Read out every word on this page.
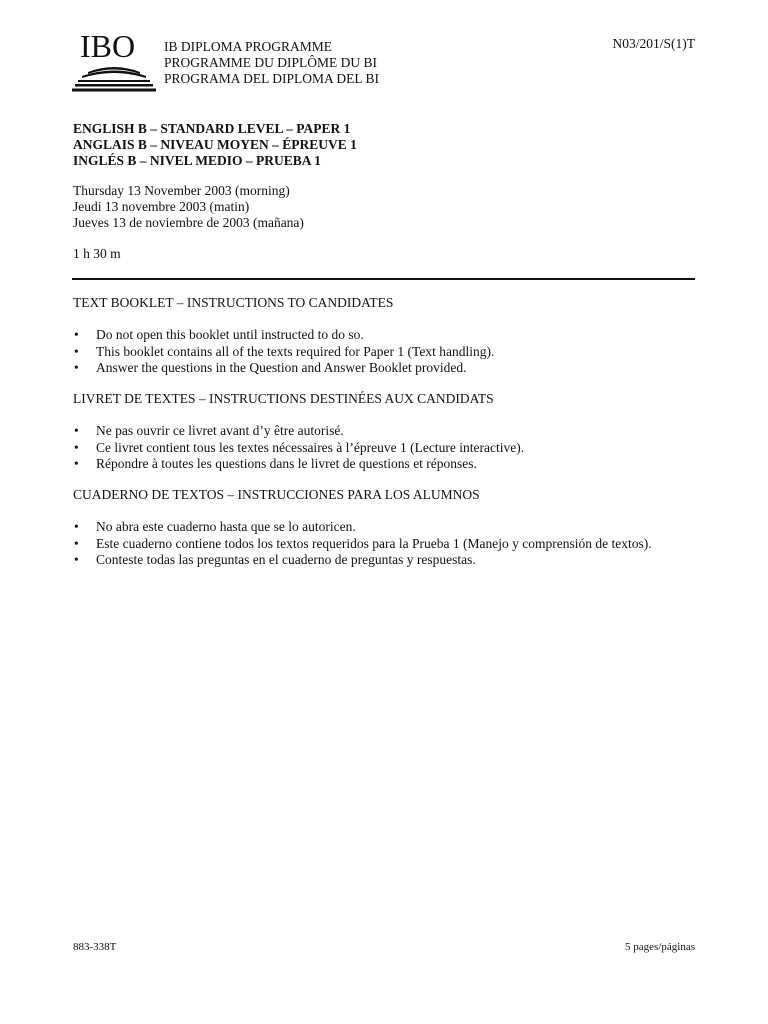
IBO IB DIPLOMA PROGRAMME
PROGRAMME DU DIPLÔME DU BI
PROGRAMA DEL DIPLOMA DEL BI
N03/201/S(1)T
ENGLISH B – STANDARD LEVEL – PAPER 1
ANGLAIS B – NIVEAU MOYEN – ÉPREUVE 1
INGLÉS B – NIVEL MEDIO – PRUEBA 1
Thursday 13 November 2003 (morning)
Jeudi 13 novembre 2003 (matin)
Jueves 13 de noviembre de 2003 (mañana)
1 h 30 m
TEXT BOOKLET – INSTRUCTIONS TO CANDIDATES
• Do not open this booklet until instructed to do so.
• This booklet contains all of the texts required for Paper 1 (Text handling).
• Answer the questions in the Question and Answer Booklet provided.
LIVRET DE TEXTES – INSTRUCTIONS DESTINÉES AUX CANDIDATS
• Ne pas ouvrir ce livret avant d’y être autorisé.
• Ce livret contient tous les textes nécessaires à l’épreuve 1 (Lecture interactive).
• Répondre à toutes les questions dans le livret de questions et réponses.
CUADERNO DE TEXTOS – INSTRUCCIONES PARA LOS ALUMNOS
• No abra este cuaderno hasta que se lo autoricen.
• Este cuaderno contiene todos los textos requeridos para la Prueba 1 (Manejo y comprensión de textos).
• Conteste todas las preguntas en el cuaderno de preguntas y respuestas.
883-338T	5 pages/páginas
